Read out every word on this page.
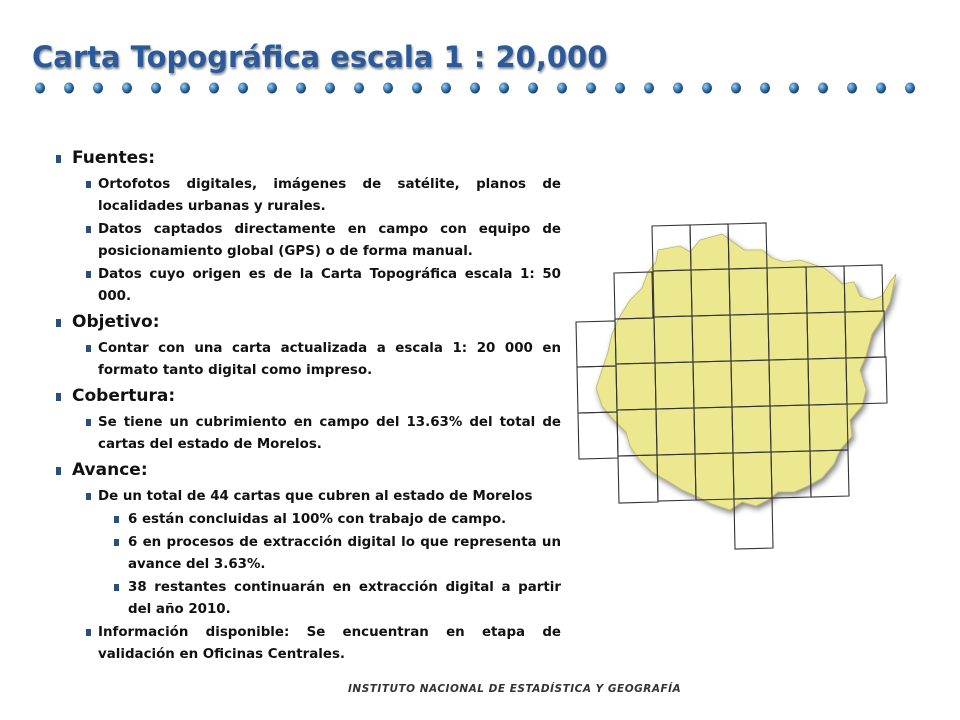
Carta Topográfica escala 1 : 20,000
Fuentes:
Ortofotos digitales, imágenes de satélite, planos de localidades urbanas y rurales.
Datos captados directamente en campo con equipo de posicionamiento global (GPS) o de forma manual.
Datos cuyo origen es de la Carta Topográfica escala 1: 50 000.
Objetivo:
Contar con una carta actualizada a escala 1: 20 000 en formato tanto digital como impreso.
Cobertura:
Se tiene un cubrimiento en campo del 13.63% del total de cartas del estado de Morelos.
Avance:
De un total de 44 cartas que cubren al estado de Morelos
6 están concluidas al 100% con trabajo de campo.
6 en procesos de extracción digital lo que representa un avance del 3.63%.
38 restantes continuarán en extracción digital a partir del año 2010.
Información disponible: Se encuentran en etapa de validación en Oficinas Centrales.

INSTITUTO NACIONAL DE ESTADÍSTICA Y GEOGRAFÍA
